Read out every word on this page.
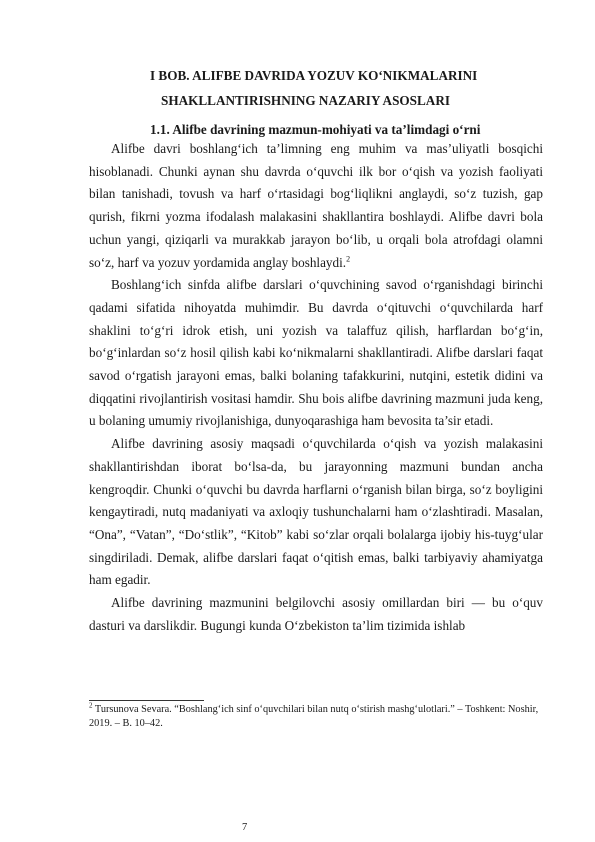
I BOB. ALIFBE DAVRIDA YOZUV KO‘NIKMALARINI
SHAKLLANTIRISHNING NAZARIY ASOSLARI
1.1. Alifbe davrining mazmun-mohiyati va ta’limdagi o‘rni

Alifbe davri boshlang‘ich ta’limning eng muhim va mas’uliyatli bosqichi hisoblanadi. Chunki aynan shu davrda o‘quvchi ilk bor o‘qish va yozish faoliyati bilan tanishadi, tovush va harf o‘rtasidagi bog‘liqlikni anglaydi, so‘z tuzish, gap qurish, fikrni yozma ifodalash malakasini shakllantira boshlaydi. Alifbe davri bola uchun yangi, qiziqarli va murakkab jarayon bo‘lib, u orqali bola atrofdagi olamni so‘z, harf va yozuv yordamida anglay boshlaydi.$^2$

Boshlang‘ich sinfda alifbe darslari o‘quvchining savod o‘rganishdagi birinchi qadami sifatida nihoyatda muhimdir. Bu davrda o‘qituvchi o‘quvchilarda harf shaklini to‘g‘ri idrok etish, uni yozish va talaffuz qilish, harflardan bo‘g‘in, bo‘g‘inlardan so‘z hosil qilish kabi ko‘nikmalarni shakllantiradi. Alifbe darslari faqat savod o‘rgatish jarayoni emas, balki bolaning tafakkurini, nutqini, estetik didini va diqqatini rivojlantirish vositasi hamdir. Shu bois alifbe davrining mazmuni juda keng, u bolaning umumiy rivojlanishiga, dunyoqarashiga ham bevosita ta’sir etadi.

Alifbe davrining asosiy maqsadi o‘quvchilarda o‘qish va yozish malakasini shakllantirishdan iborat bo‘lsa-da, bu jarayonning mazmuni bundan ancha kengroqdir. Chunki o‘quvchi bu davrda harflarni o‘rganish bilan birga, so‘z boyligini kengaytiradi, nutq madaniyati va axloqiy tushunchalarni ham o‘zlashtiradi. Masalan, “Ona”, “Vatan”, “Do‘stlik”, “Kitob” kabi so‘zlar orqali bolalarga ijobiy his-tuyg‘ular singdiriladi. Demak, alifbe darslari faqat o‘qitish emas, balki tarbiyaviy ahamiyatga ham egadir.

Alifbe davrining mazmunini belgilovchi asosiy omillardan biri — bu o‘quv dasturi va darslikdir. Bugungi kunda O‘zbekiston ta’lim tizimida ishlab

$^2$ Tursunova Sevara. “Boshlang‘ich sinf o‘quvchilari bilan nutq o‘stirish mashg‘ulotlari.” – Toshkent: Noshir, 2019. – B. 10–42.
7
